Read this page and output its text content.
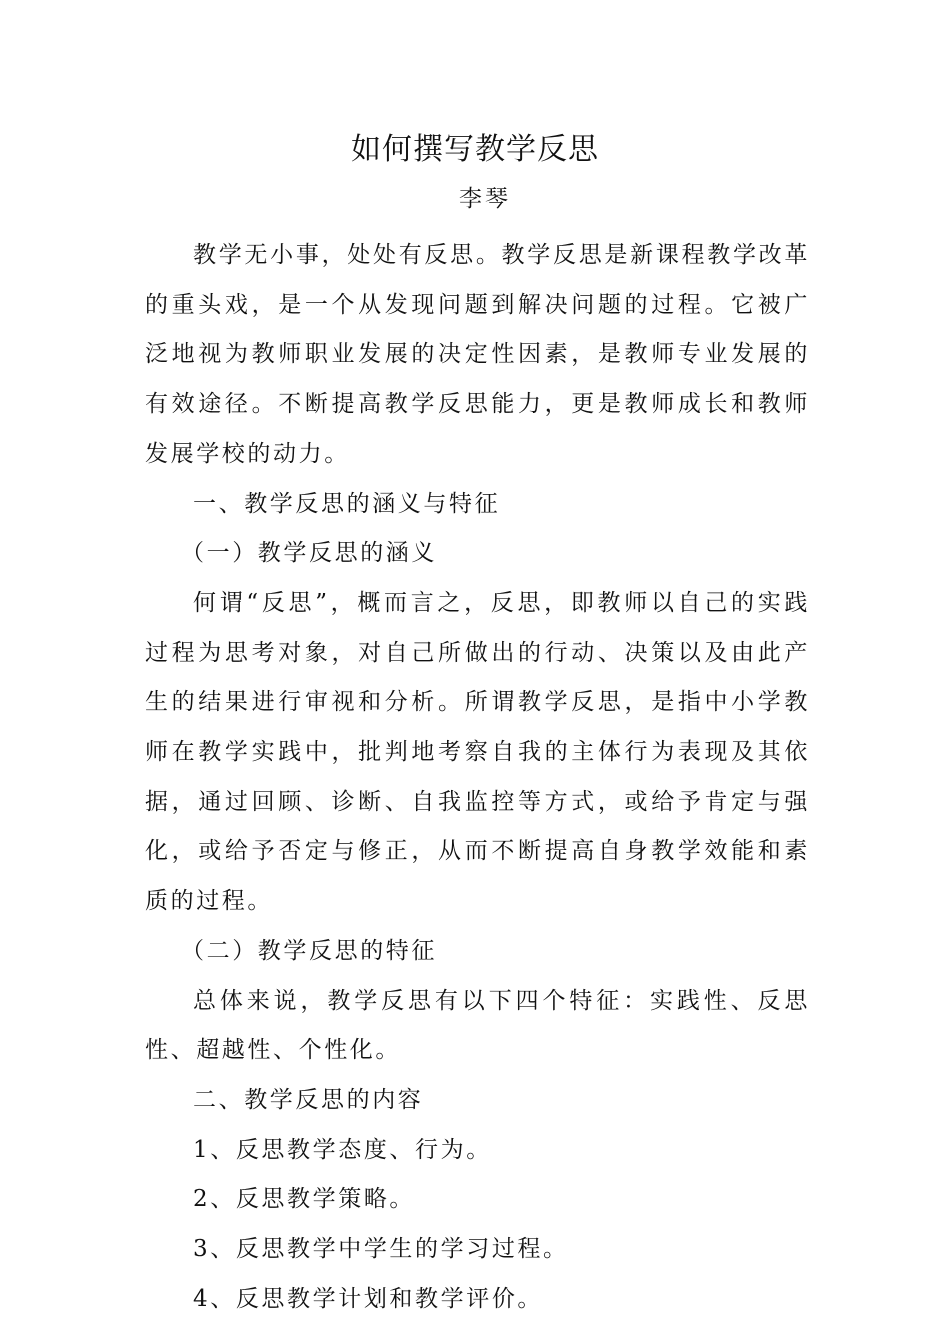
如何撰写教学反思
李琴

教学无小事，处处有反思。教学反思是新课程教学改革的重头戏，是一个从发现问题到解决问题的过程。它被广泛地视为教师职业发展的决定性因素，是教师专业发展的有效途径。不断提高教学反思能力，更是教师成长和教师发展学校的动力。

一、教学反思的涵义与特征

（一）教学反思的涵义

何谓“反思”，概而言之，反思，即教师以自己的实践过程为思考对象，对自己所做出的行动、决策以及由此产生的结果进行审视和分析。所谓教学反思，是指中小学教师在教学实践中，批判地考察自我的主体行为表现及其依据，通过回顾、诊断、自我监控等方式，或给予肯定与强化，或给予否定与修正，从而不断提高自身教学效能和素质的过程。

（二）教学反思的特征

总体来说，教学反思有以下四个特征：实践性、反思性、超越性、个性化。

二、教学反思的内容

1、反思教学态度、行为。

2、反思教学策略。

3、反思教学中学生的学习过程。

4、反思教学计划和教学评价。
